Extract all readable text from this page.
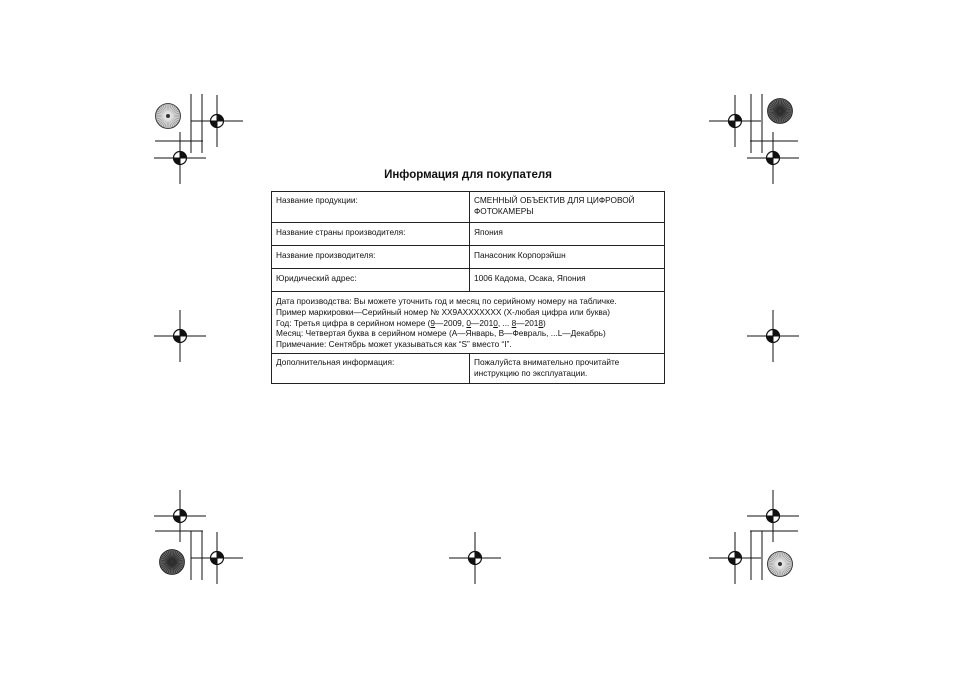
Информация для покупателя
Название продукции:	СМЕННЫЙ ОБЪЕКТИВ ДЛЯ ЦИФРОВОЙ ФОТОКАМЕРЫ
Название страны производителя:	Япония
Название производителя:	Панасоник Корпорэйшн
Юридический адрес:	1006 Кадома, Осака, Япония

Дата производства: Вы можете уточнить год и месяц по серийному номеру на табличке.
Пример маркировки—Серийный номер № XX9AXXXXXXX (X-любая цифра или буква)
Год: Третья цифра в серийном номере (9—2009, 0—2010, ... 8—2018)
Месяц: Четвертая буква в серийном номере (A—Январь, B—Февраль, ...L—Декабрь)
Примечание: Сентябрь может указываться как “S” вместо “I”.	

Дополнительная информация:	Пожалуйста внимательно прочитайте инструкцию по эксплуатации.
